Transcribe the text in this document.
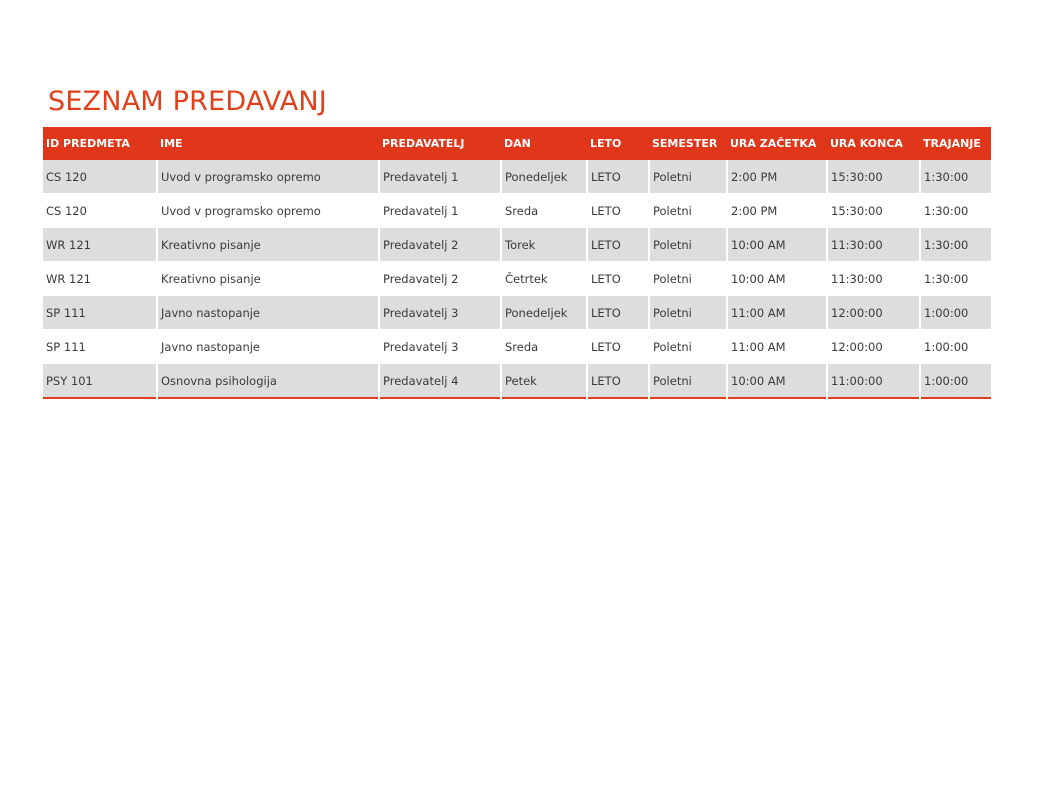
SEZNAM PREDAVANJ
ID PREDMETA	IME	PREDAVATELJ	DAN	LETO	SEMESTER	URA ZAČETKA	URA KONCA	TRAJANJE
CS 120	Uvod v programsko opremo	Predavatelj 1	Ponedeljek	LETO	Poletni	2:00 PM	15:30:00	1:30:00
CS 120	Uvod v programsko opremo	Predavatelj 1	Sreda	LETO	Poletni	2:00 PM	15:30:00	1:30:00
WR 121	Kreativno pisanje	Predavatelj 2	Torek	LETO	Poletni	10:00 AM	11:30:00	1:30:00
WR 121	Kreativno pisanje	Predavatelj 2	Četrtek	LETO	Poletni	10:00 AM	11:30:00	1:30:00
SP 111	Javno nastopanje	Predavatelj 3	Ponedeljek	LETO	Poletni	11:00 AM	12:00:00	1:00:00
SP 111	Javno nastopanje	Predavatelj 3	Sreda	LETO	Poletni	11:00 AM	12:00:00	1:00:00
PSY 101	Osnovna psihologija	Predavatelj 4	Petek	LETO	Poletni	10:00 AM	11:00:00	1:00:00
